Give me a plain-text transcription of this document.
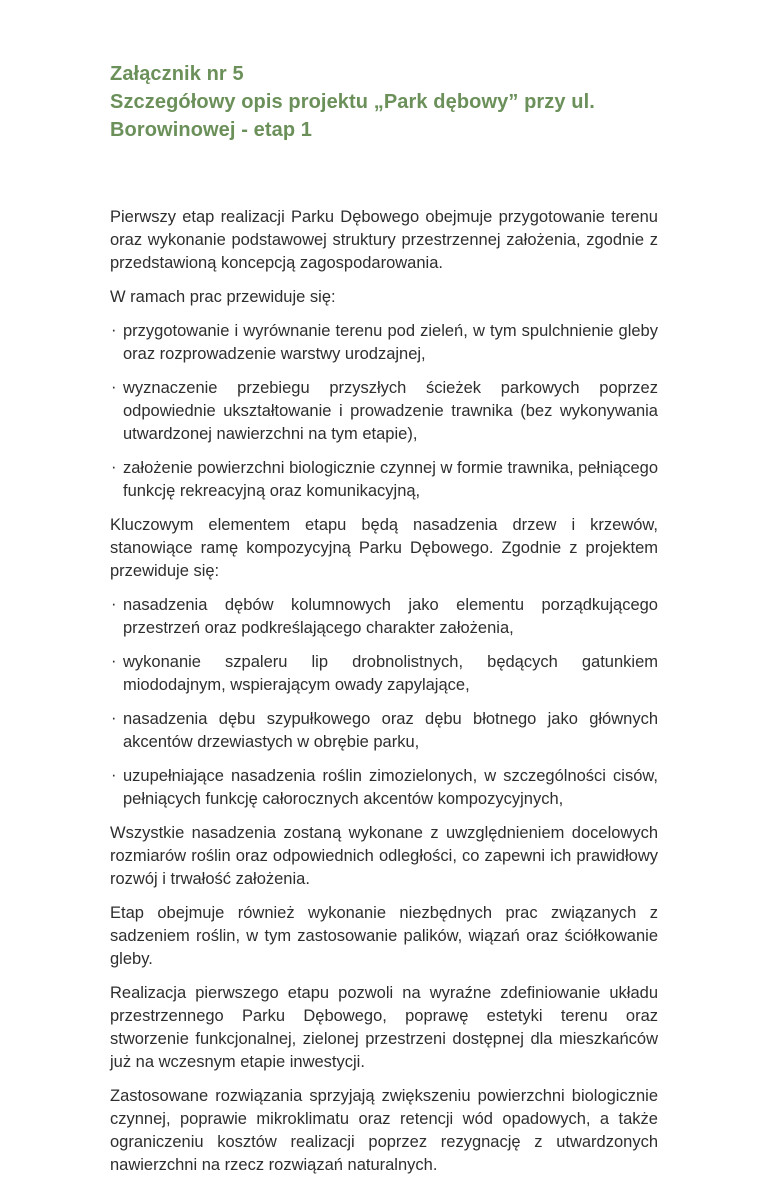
Załącznik nr 5
Szczegółowy opis projektu „Park dębowy” przy ul. Borowinowej - etap 1

Pierwszy etap realizacji Parku Dębowego obejmuje przygotowanie terenu oraz wykonanie podstawowej struktury przestrzennej założenia, zgodnie z przedstawioną koncepcją zagospodarowania.

W ramach prac przewiduje się:

· przygotowanie i wyrównanie terenu pod zieleń, w tym spulchnienie gleby oraz rozprowadzenie warstwy urodzajnej,
· wyznaczenie przebiegu przyszłych ścieżek parkowych poprzez odpowiednie ukształtowanie i prowadzenie trawnika (bez wykonywania utwardzonej nawierzchni na tym etapie),
· założenie powierzchni biologicznie czynnej w formie trawnika, pełniącego funkcję rekreacyjną oraz komunikacyjną,

Kluczowym elementem etapu będą nasadzenia drzew i krzewów, stanowiące ramę kompozycyjną Parku Dębowego. Zgodnie z projektem przewiduje się:

· nasadzenia dębów kolumnowych jako elementu porządkującego przestrzeń oraz podkreślającego charakter założenia,
· wykonanie szpaleru lip drobnolistnych, będących gatunkiem miododajnym, wspierającym owady zapylające,
· nasadzenia dębu szypułkowego oraz dębu błotnego jako głównych akcentów drzewiastych w obrębie parku,
· uzupełniające nasadzenia roślin zimozielonych, w szczególności cisów, pełniących funkcję całorocznych akcentów kompozycyjnych,

Wszystkie nasadzenia zostaną wykonane z uwzględnieniem docelowych rozmiarów roślin oraz odpowiednich odległości, co zapewni ich prawidłowy rozwój i trwałość założenia.

Etap obejmuje również wykonanie niezbędnych prac związanych z sadzeniem roślin, w tym zastosowanie palików, wiązań oraz ściółkowanie gleby.

Realizacja pierwszego etapu pozwoli na wyraźne zdefiniowanie układu przestrzennego Parku Dębowego, poprawę estetyki terenu oraz stworzenie funkcjonalnej, zielonej przestrzeni dostępnej dla mieszkańców już na wczesnym etapie inwestycji.

Zastosowane rozwiązania sprzyjają zwiększeniu powierzchni biologicznie czynnej, poprawie mikroklimatu oraz retencji wód opadowych, a także ograniczeniu kosztów realizacji poprzez rezygnację z utwardzonych nawierzchni na rzecz rozwiązań naturalnych.
